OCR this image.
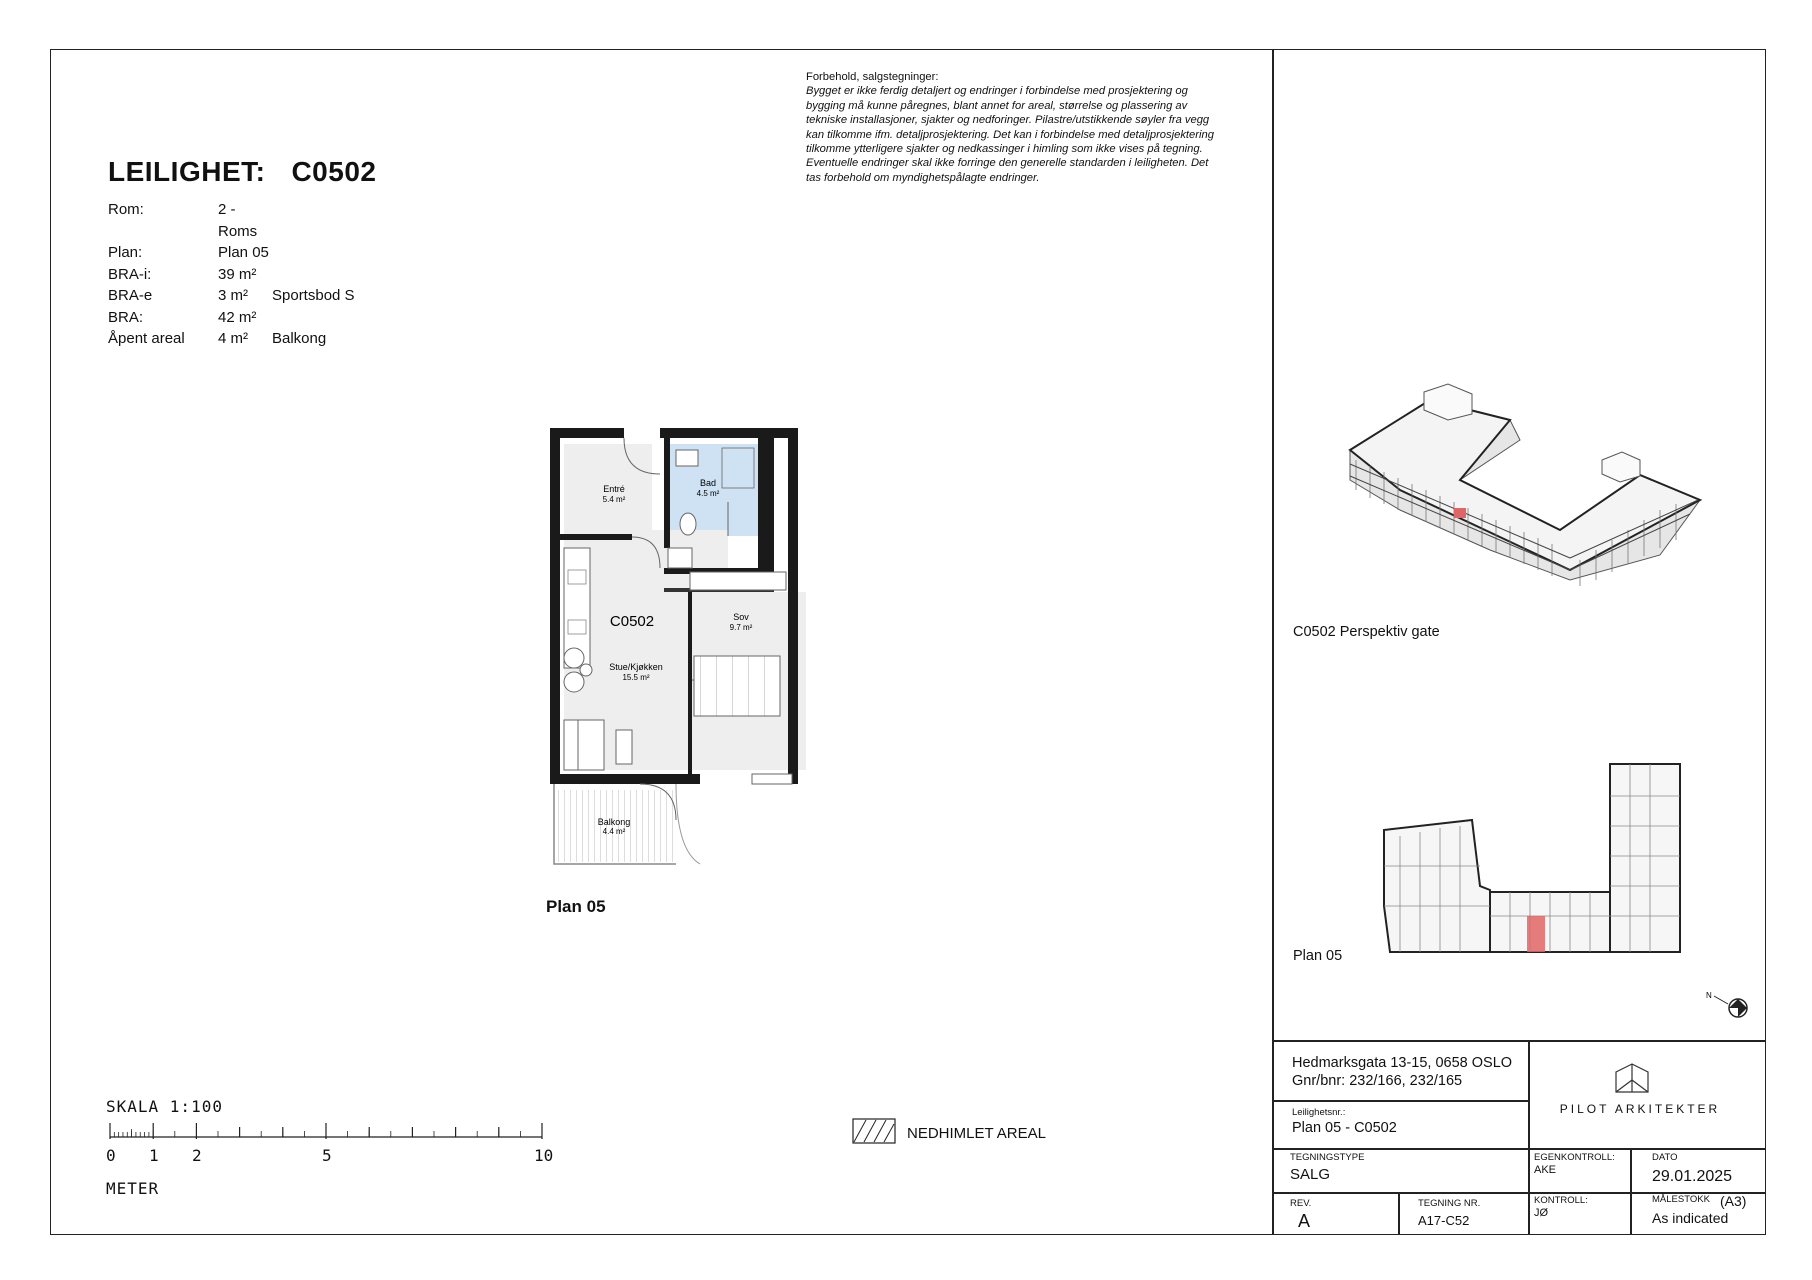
LEILIGHET: C0502
Rom:	2 - Roms
Plan:	Plan 05
BRA-i:	39 m²
BRA-e	3 m²	Sportsbod S
BRA:	42 m²
Åpent areal	4 m²	Balkong
Forbehold, salgstegninger:
Bygget er ikke ferdig detaljert og endringer i forbindelse med prosjektering og
bygging må kunne påregnes, blant annet for areal, størrelse og plassering av
tekniske installasjoner, sjakter og nedforinger. Pilastre/utstikkende søyler fra vegg
kan tilkomme ifm. detaljprosjektering. Det kan i forbindelse med detaljprosjektering
tilkomme ytterligere sjakter og nedkassinger i himling som ikke vises på tegning.
Eventuelle endringer skal ikke forringe den generelle standarden i leiligheten. Det
tas forbehold om myndighetspålagte endringer.
Entré
5.4 m²
Bad
4.5 m²
C0502	Sov
9.7 m²
Stue/Kjøkken
15.5 m²
Balkong
4.4 m²
Plan 05
SKALA 1:100
0 1 2	5	10
METER
NEDHIMLET AREAL
C0502 Perspektiv gate
Plan 05
N
Hedmarksgata 13-15, 0658 OSLO
Gnr/bnr: 232/166, 232/165
Leilighetsnr.:
Plan 05 - C0502
PILOT ARKITEKTER
TEGNINGSTYPE
SALG
EGENKONTROLL:
AKE
DATO
29.01.2025
REV.
A
TEGNING NR.
A17-C52
KONTROLL:
JØ
MÅLESTOKK (A3)
As indicated
